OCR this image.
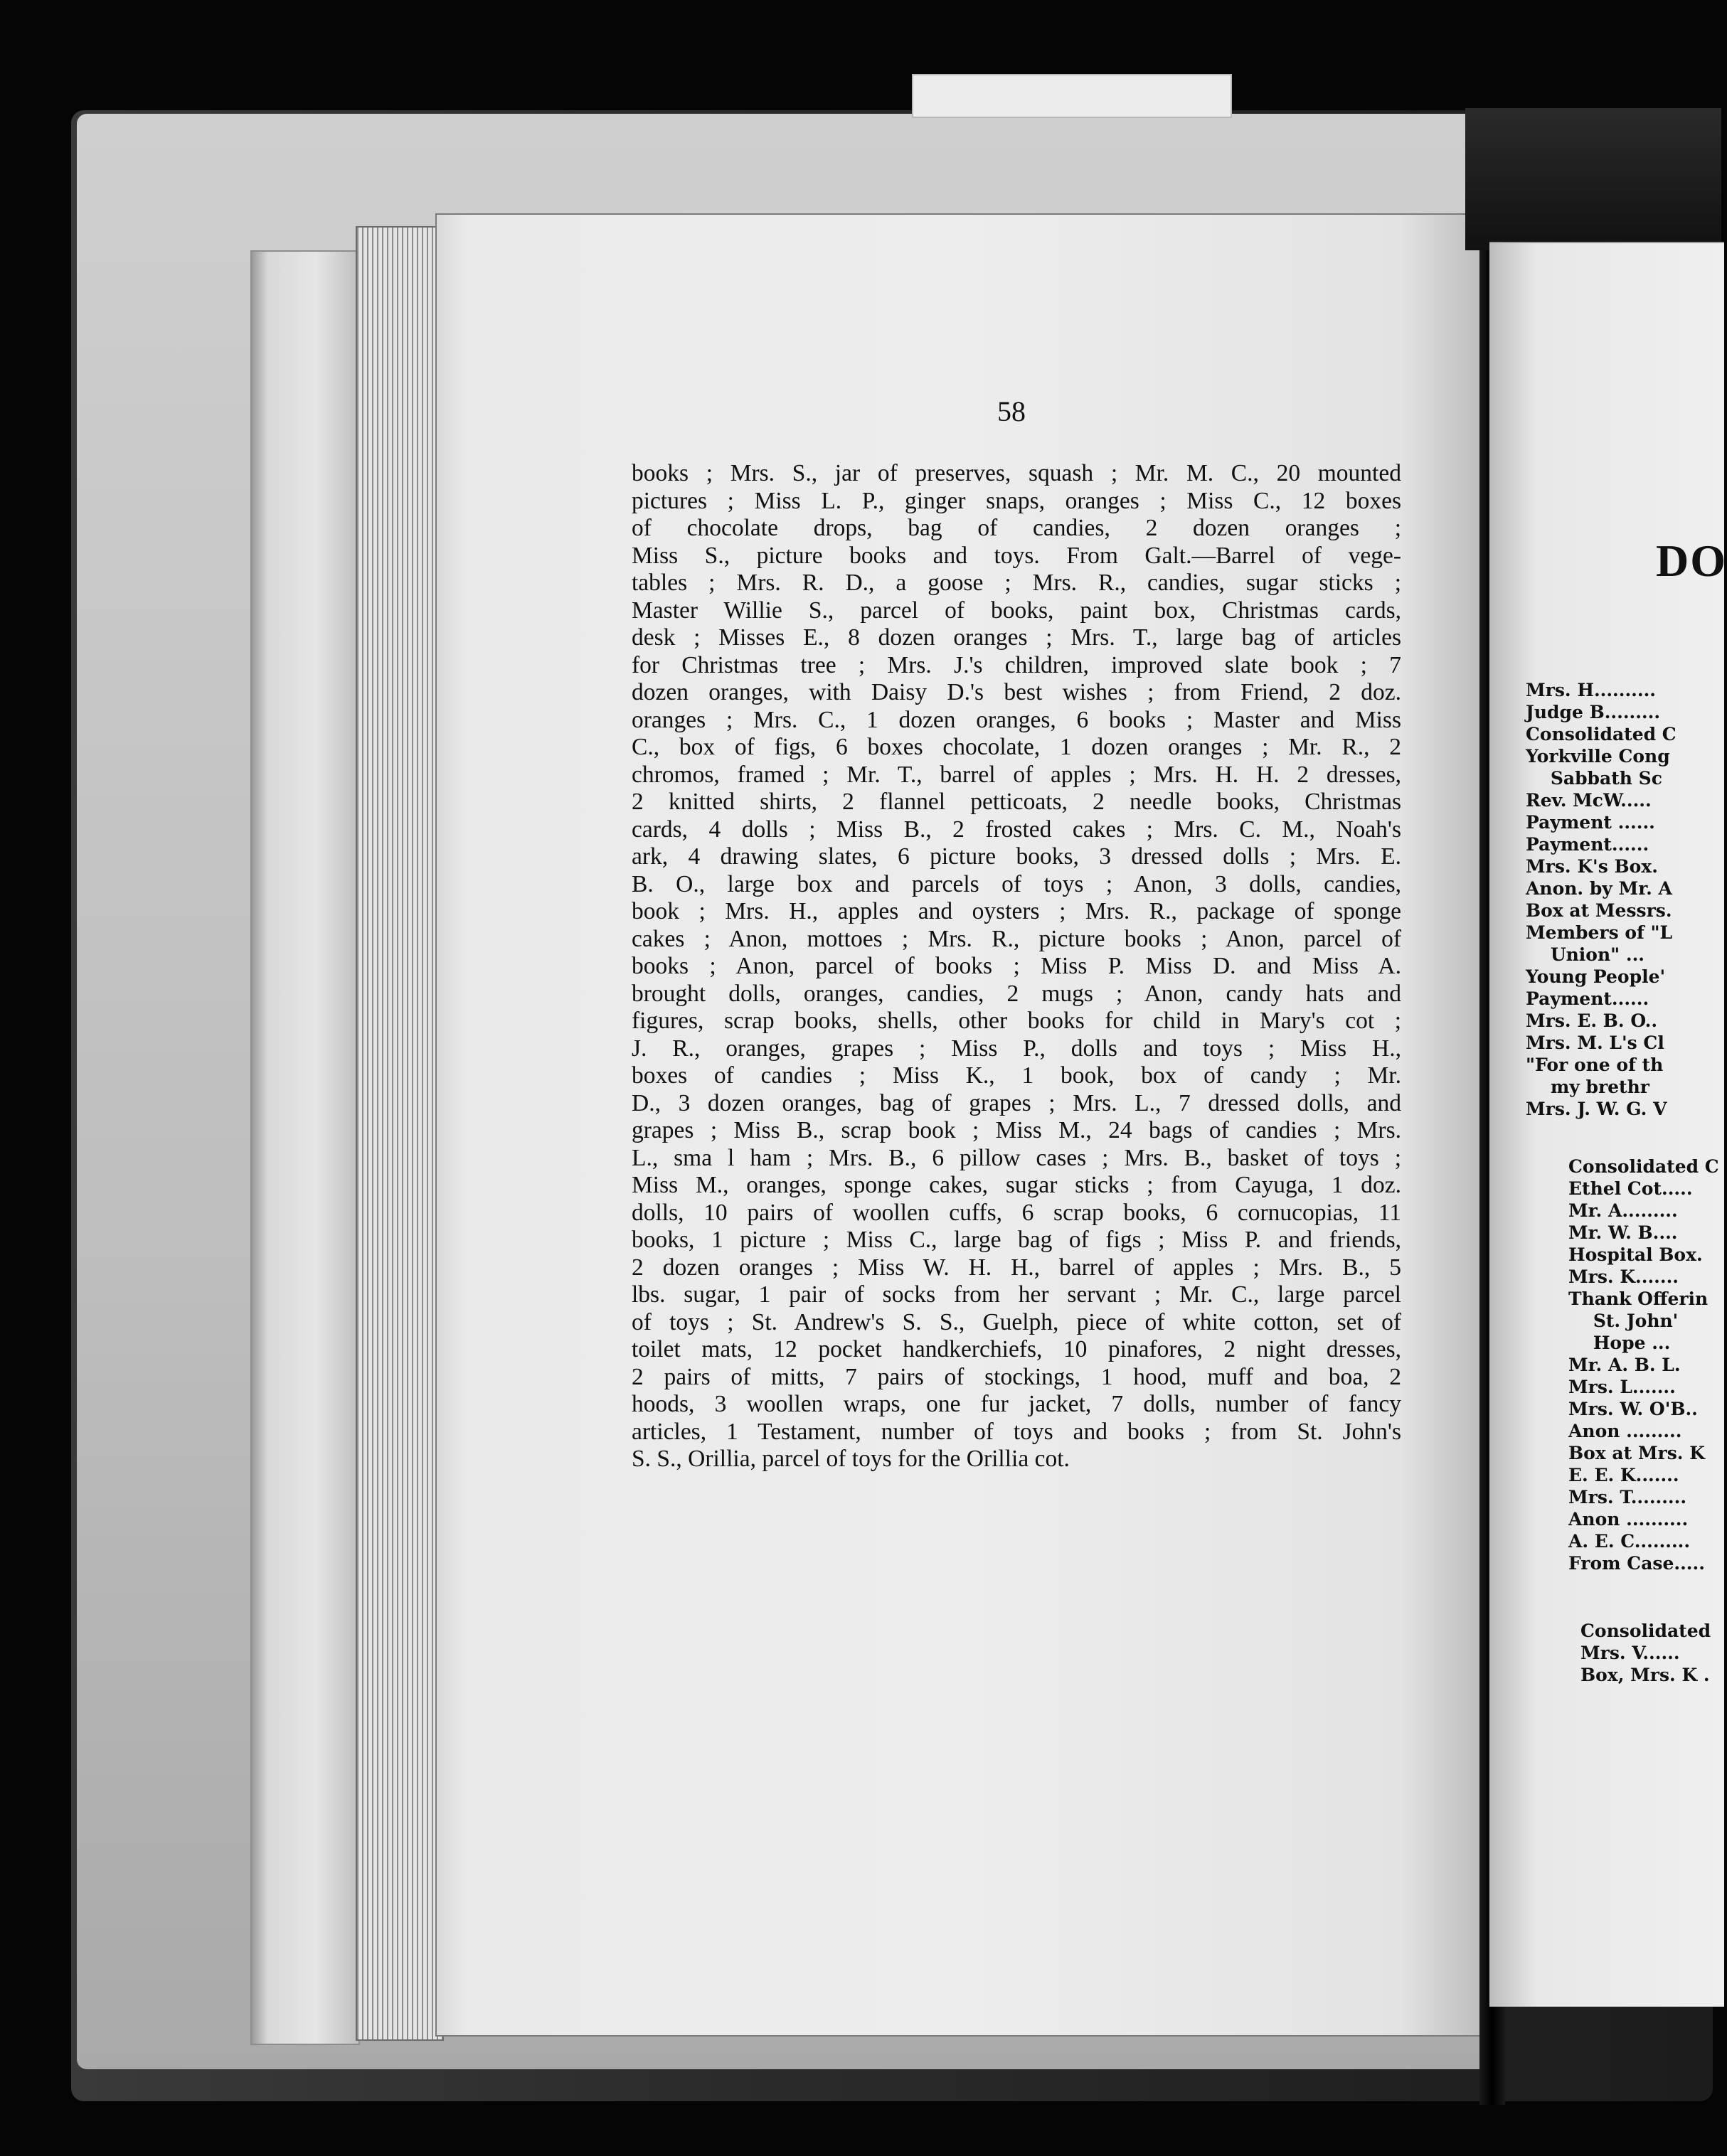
58
books ; Mrs. S., jar of preserves, squash ; Mr. M. C., 20 mounted
pictures ; Miss L. P., ginger snaps, oranges ; Miss C., 12 boxes
of chocolate drops, bag of candies, 2 dozen oranges ;
Miss S., picture books and toys. From Galt.—Barrel of vege-
tables ; Mrs. R. D., a goose ; Mrs. R., candies, sugar sticks ;
Master Willie S., parcel of books, paint box, Christmas cards,
desk ; Misses E., 8 dozen oranges ; Mrs. T., large bag of articles
for Christmas tree ; Mrs. J.'s children, improved slate book ; 7
dozen oranges, with Daisy D.'s best wishes ; from Friend, 2 doz.
oranges ; Mrs. C., 1 dozen oranges, 6 books ; Master and Miss
C., box of figs, 6 boxes chocolate, 1 dozen oranges ; Mr. R., 2
chromos, framed ; Mr. T., barrel of apples ; Mrs. H. H. 2 dresses,
2 knitted shirts, 2 flannel petticoats, 2 needle books, Christmas
cards, 4 dolls ; Miss B., 2 frosted cakes ; Mrs. C. M., Noah's
ark, 4 drawing slates, 6 picture books, 3 dressed dolls ; Mrs. E.
B. O., large box and parcels of toys ; Anon, 3 dolls, candies,
book ; Mrs. H., apples and oysters ; Mrs. R., package of sponge
cakes ; Anon, mottoes ; Mrs. R., picture books ; Anon, parcel of
books ; Anon, parcel of books ; Miss P. Miss D. and Miss A.
brought dolls, oranges, candies, 2 mugs ; Anon, candy hats and
figures, scrap books, shells, other books for child in Mary's cot ;
J. R., oranges, grapes ; Miss P., dolls and toys ; Miss H.,
boxes of candies ; Miss K., 1 book, box of candy ; Mr.
D., 3 dozen oranges, bag of grapes ; Mrs. L., 7 dressed dolls, and
grapes ; Miss B., scrap book ; Miss M., 24 bags of candies ; Mrs.
L., sma l ham ; Mrs. B., 6 pillow cases ; Mrs. B., basket of toys ;
Miss M., oranges, sponge cakes, sugar sticks ; from Cayuga, 1 doz.
dolls, 10 pairs of woollen cuffs, 6 scrap books, 6 cornucopias, 11
books, 1 picture ; Miss C., large bag of figs ; Miss P. and friends,
2 dozen oranges ; Miss W. H. H., barrel of apples ; Mrs. B., 5
lbs. sugar, 1 pair of socks from her servant ; Mr. C., large parcel
of toys ; St. Andrew's S. S., Guelph, piece of white cotton, set of
toilet mats, 12 pocket handkerchiefs, 10 pinafores, 2 night dresses,
2 pairs of mitts, 7 pairs of stockings, 1 hood, muff and boa, 2
hoods, 3 woollen wraps, one fur jacket, 7 dolls, number of fancy
articles, 1 Testament, number of toys and books ; from St. John's
S. S., Orillia, parcel of toys for the Orillia cot.
DO
Mrs. H..........
Judge B.........
Consolidated C
Yorkville Cong
Sabbath Sc
Rev. McW.....
Payment ......
Payment......
Mrs. K's Box.
Anon. by Mr. A
Box at Messrs.
Members of "L
Union" ...
Young People'
Payment......
Mrs. E. B. O..
Mrs. M. L's Cl
"For one of th
my brethr
Mrs. J. W. G. V
Consolidated C
Ethel Cot.....
Mr. A.........
Mr. W. B....
Hospital Box.
Mrs. K.......
Thank Offerin
St. John'
Hope ...
Mr. A. B. L.
Mrs. L.......
Mrs. W. O'B..
Anon .........
Box at Mrs. K
E. E. K.......
Mrs. T.........
Anon ..........
A. E. C.........
From Case.....
Consolidated
Mrs. V......
Box, Mrs. K .
